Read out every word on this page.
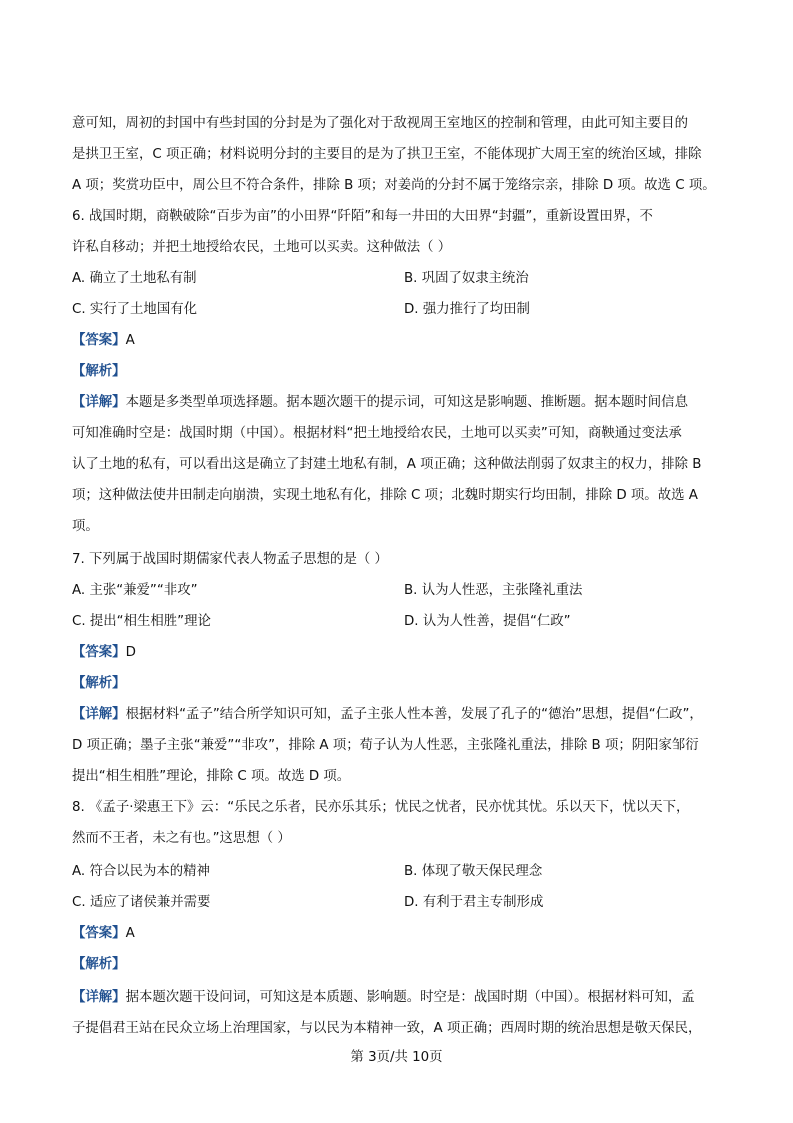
意可知，周初的封国中有些封国的分封是为了强化对于敌视周王室地区的控制和管理，由此可知主要目的
是拱卫王室，C 项正确；材料说明分封的主要目的是为了拱卫王室，不能体现扩大周王室的统治区域，排除
A 项；奖赏功臣中，周公旦不符合条件，排除 B 项；对姜尚的分封不属于笼络宗亲，排除 D 项。故选 C 项。
6. 战国时期，商鞅破除“百步为亩”的小田界“阡陌”和每一井田的大田界“封疆”，重新设置田界，不
许私自移动；并把土地授给农民，土地可以买卖。这种做法（ ）
A. 确立了土地私有制	B. 巩固了奴隶主统治
C. 实行了土地国有化	D. 强力推行了均田制
【答案】A
【解析】
【详解】本题是多类型单项选择题。据本题次题干的提示词，可知这是影响题、推断题。据本题时间信息
可知准确时空是：战国时期（中国）。根据材料“把土地授给农民，土地可以买卖”可知，商鞅通过变法承
认了土地的私有，可以看出这是确立了封建土地私有制，A 项正确；这种做法削弱了奴隶主的权力，排除 B
项；这种做法使井田制走向崩溃，实现土地私有化，排除 C 项；北魏时期实行均田制，排除 D 项。故选 A
项。
7. 下列属于战国时期儒家代表人物孟子思想的是（ ）
A. 主张“兼爱”“非攻”	B. 认为人性恶，主张隆礼重法
C. 提出“相生相胜”理论	D. 认为人性善，提倡“仁政”
【答案】D
【解析】
【详解】根据材料“孟子”结合所学知识可知，孟子主张人性本善，发展了孔子的“德治”思想，提倡“仁政”，
D 项正确；墨子主张“兼爱”“非攻”，排除 A 项；荀子认为人性恶，主张隆礼重法，排除 B 项；阴阳家邹衍
提出“相生相胜”理论，排除 C 项。故选 D 项。
8. 《孟子·梁惠王下》云：“乐民之乐者，民亦乐其乐；忧民之忧者，民亦忧其忧。乐以天下，忧以天下，
然而不王者，未之有也。”这思想（ ）
A. 符合以民为本的精神	B. 体现了敬天保民理念
C. 适应了诸侯兼并需要	D. 有利于君主专制形成
【答案】A
【解析】
【详解】据本题次题干设问词，可知这是本质题、影响题。时空是：战国时期（中国）。根据材料可知，孟
子提倡君王站在民众立场上治理国家，与以民为本精神一致，A 项正确；西周时期的统治思想是敬天保民，
第 3页/共 10页
